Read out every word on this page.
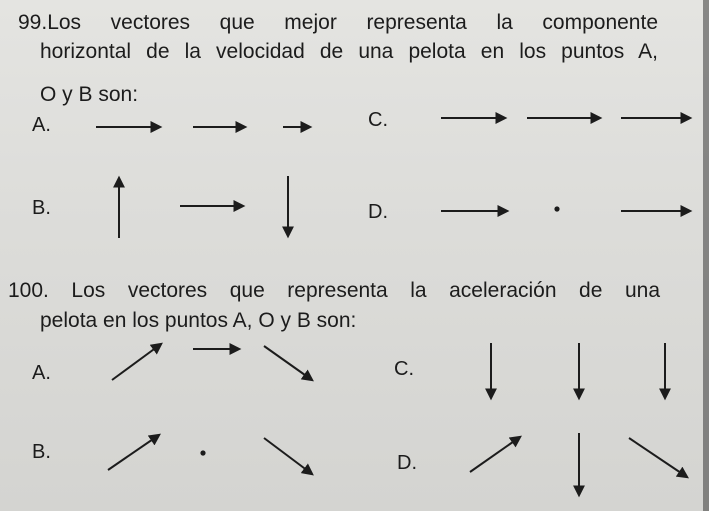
99.Los vectores que mejor representa la componente
horizontal de la velocidad de una pelota en los puntos A,
O y B son:
A.	C.
B.	D.
100. Los vectores que representa la aceleración de una
pelota en los puntos A, O y B son:
A.	C.
B.	D.
